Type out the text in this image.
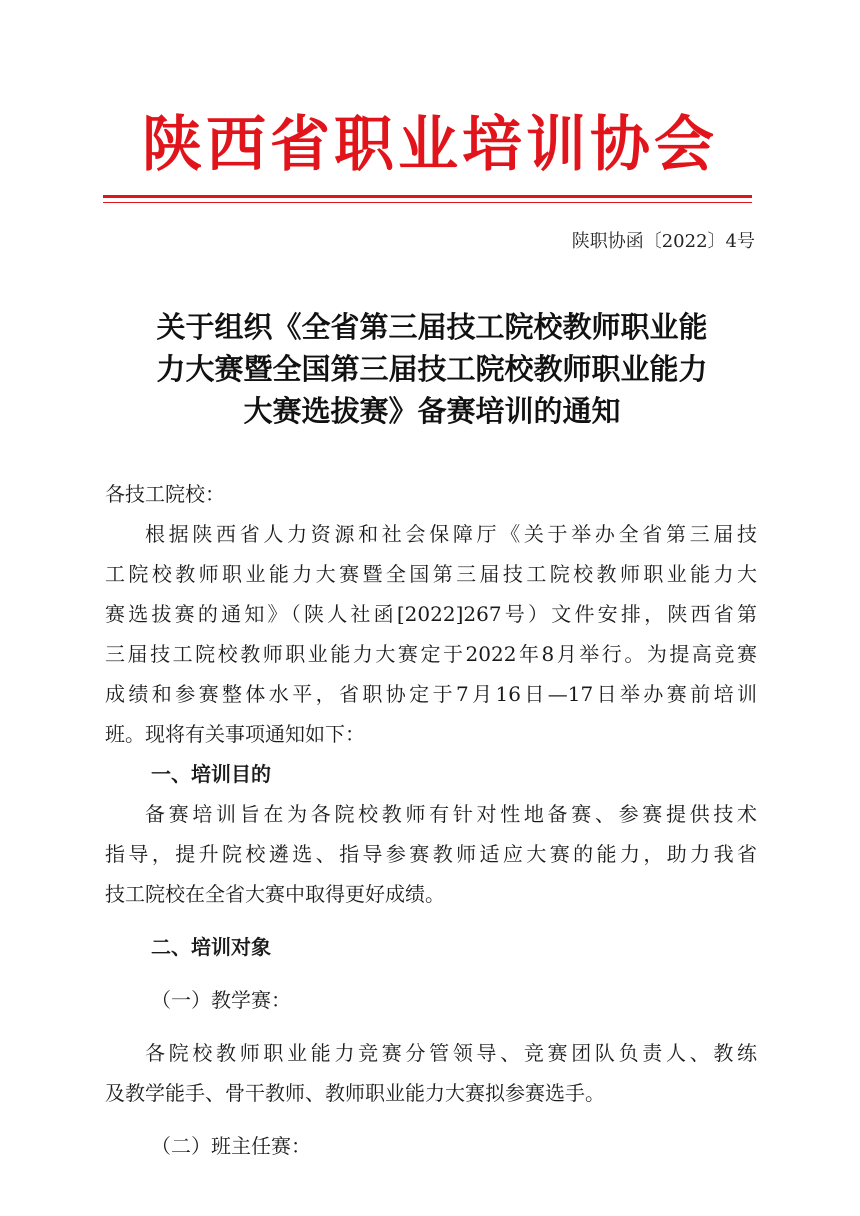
陕西省职业培训协会
陕职协函〔2022〕4号
关于组织《全省第三届技工院校教师职业能
力大赛暨全国第三届技工院校教师职业能力
大赛选拔赛》备赛培训的通知
各技工院校：
根据陕西省人力资源和社会保障厅《关于举办全省第三届技
工院校教师职业能力大赛暨全国第三届技工院校教师职业能力大
赛选拔赛的通知》（陕人社函[2022]267号）文件安排，陕西省第
三届技工院校教师职业能力大赛定于2022年8月举行。为提高竞赛
成绩和参赛整体水平，省职协定于7月16日—17日举办赛前培训
班。现将有关事项通知如下：
一、培训目的
备赛培训旨在为各院校教师有针对性地备赛、参赛提供技术
指导，提升院校遴选、指导参赛教师适应大赛的能力，助力我省
技工院校在全省大赛中取得更好成绩。
二、培训对象
（一）教学赛：
各院校教师职业能力竞赛分管领导、竞赛团队负责人、教练
及教学能手、骨干教师、教师职业能力大赛拟参赛选手。
（二）班主任赛：
